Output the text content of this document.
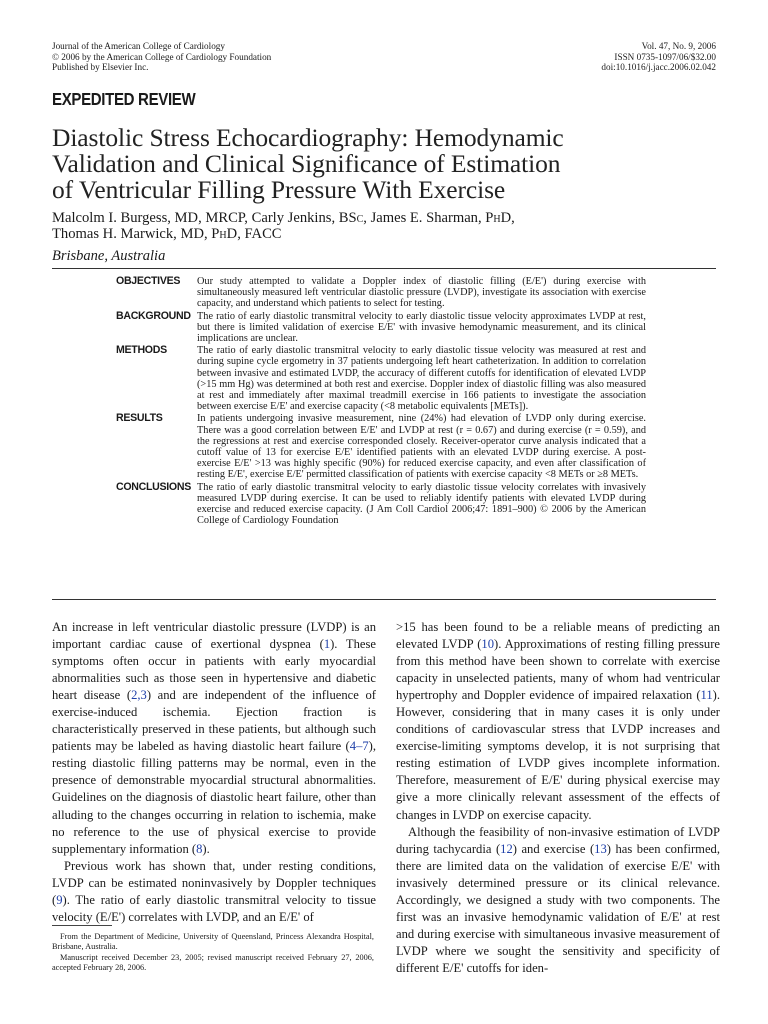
Journal of the American College of Cardiology
© 2006 by the American College of Cardiology Foundation
Published by Elsevier Inc.
Vol. 47, No. 9, 2006
ISSN 0735-1097/06/$32.00
doi:10.1016/j.jacc.2006.02.042
EXPEDITED REVIEW
Diastolic Stress Echocardiography: Hemodynamic
Validation and Clinical Significance of Estimation
of Ventricular Filling Pressure With Exercise
Malcolm I. Burgess, MD, MRCP, Carly Jenkins, BSc, James E. Sharman, PhD,
Thomas H. Marwick, MD, PhD, FACC
Brisbane, Australia
OBJECTIVES	Our study attempted to validate a Doppler index of diastolic filling (E/E') during exercise with simultaneously measured left ventricular diastolic pressure (LVDP), investigate its association with exercise capacity, and understand which patients to select for testing.
BACKGROUND The ratio of early diastolic transmitral velocity to early diastolic tissue velocity approximates LVDP at rest, but there is limited validation of exercise E/E' with invasive hemodynamic measurement, and its clinical implications are unclear.
METHODS	The ratio of early diastolic transmitral velocity to early diastolic tissue velocity was measured at rest and during supine cycle ergometry in 37 patients undergoing left heart catheterization. In addition to correlation between invasive and estimated LVDP, the accuracy of different cutoffs for identification of elevated LVDP (>15 mm Hg) was determined at both rest and exercise. Doppler index of diastolic filling was also measured at rest and immediately after maximal treadmill exercise in 166 patients to investigate the association between exercise E/E' and exercise capacity (<8 metabolic equivalents [METs]).
RESULTS	In patients undergoing invasive measurement, nine (24%) had elevation of LVDP only during exercise. There was a good correlation between E/E' and LVDP at rest (r = 0.67) and during exercise (r = 0.59), and the regressions at rest and exercise corresponded closely. Receiver-operator curve analysis indicated that a cutoff value of 13 for exercise E/E' identified patients with an elevated LVDP during exercise. A post-exercise E/E' >13 was highly specific (90%) for reduced exercise capacity, and even after classification of resting E/E', exercise E/E' permitted classification of patients with exercise capacity <8 METs or ≥8 METs.
CONCLUSIONS The ratio of early diastolic transmitral velocity to early diastolic tissue velocity correlates with invasively measured LVDP during exercise. It can be used to reliably identify patients with elevated LVDP during exercise and reduced exercise capacity. (J Am Coll Cardiol 2006;47: 1891–900) © 2006 by the American College of Cardiology Foundation

An increase in left ventricular diastolic pressure (LVDP) is an important cardiac cause of exertional dyspnea (1). These symptoms often occur in patients with early myocardial abnormalities such as those seen in hypertensive and diabetic heart disease (2,3) and are independent of the influence of exercise-induced ischemia. Ejection fraction is characteristically preserved in these patients, but although such patients may be labeled as having diastolic heart failure (4–7), resting diastolic filling patterns may be normal, even in the presence of demonstrable myocardial structural abnormalities. Guidelines on the diagnosis of diastolic heart failure, other than alluding to the changes occurring in relation to ischemia, make no reference to the use of physical exercise to provide supplementary information (8).

Previous work has shown that, under resting conditions, LVDP can be estimated noninvasively by Doppler techniques (9). The ratio of early diastolic transmitral velocity to tissue velocity (E/E') correlates with LVDP, and an E/E' of

>15 has been found to be a reliable means of predicting an elevated LVDP (10). Approximations of resting filling pressure from this method have been shown to correlate with exercise capacity in unselected patients, many of whom had ventricular hypertrophy and Doppler evidence of impaired relaxation (11). However, considering that in many cases it is only under conditions of cardiovascular stress that LVDP increases and exercise-limiting symptoms develop, it is not surprising that resting estimation of LVDP gives incomplete information. Therefore, measurement of E/E' during physical exercise may give a more clinically relevant assessment of the effects of changes in LVDP on exercise capacity.

Although the feasibility of non-invasive estimation of LVDP during tachycardia (12) and exercise (13) has been confirmed, there are limited data on the validation of exercise E/E' with invasively determined pressure or its clinical relevance. Accordingly, we designed a study with two components. The first was an invasive hemodynamic validation of E/E' at rest and during exercise with simultaneous invasive measurement of LVDP where we sought the sensitivity and specificity of different E/E' cutoffs for iden-

From the Department of Medicine, University of Queensland, Princess Alexandra Hospital, Brisbane, Australia.

Manuscript received December 23, 2005; revised manuscript received February 27, 2006, accepted February 28, 2006.
